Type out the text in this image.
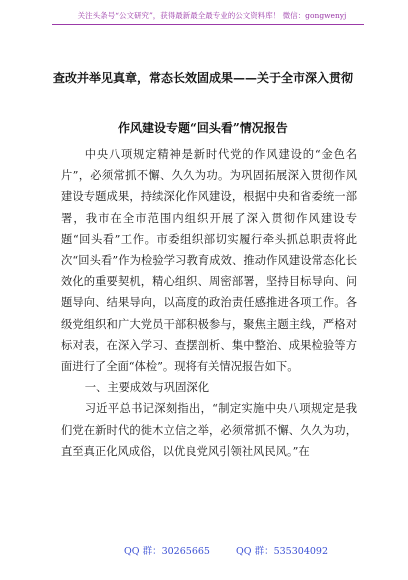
关注头条号“公文研究”，获得最新最全最专业的公文资料库！ 微信：gongwenyj
查改并举见真章，常态长效固成果——关于全市深入贯彻
作风建设专题“回头看”情况报告

中央八项规定精神是新时代党的作风建设的“金色名片”，必须常抓不懈、久久为功。为巩固拓展深入贯彻作风建设专题成果，持续深化作风建设，根据中央和省委统一部署，我市在全市范围内组织开展了深入贯彻作风建设专题“回头看”工作。市委组织部切实履行牵头抓总职责将此次“回头看”作为检验学习教育成效、推动作风建设常态化长效化的重要契机，精心组织、周密部署，坚持目标导向、问题导向、结果导向，以高度的政治责任感推进各项工作。各级党组织和广大党员干部积极参与，聚焦主题主线，严格对标对表，在深入学习、查摆剖析、集中整治、成果检验等方面进行了全面“体检”。现将有关情况报告如下。

一、主要成效与巩固深化

习近平总书记深刻指出，“制定实施中央八项规定是我们党在新时代的徙木立信之举，必须常抓不懈、久久为功，直至真正化风成俗，以优良党风引领社风民风。”在

QQ 群：30265665	QQ 群：535304092
